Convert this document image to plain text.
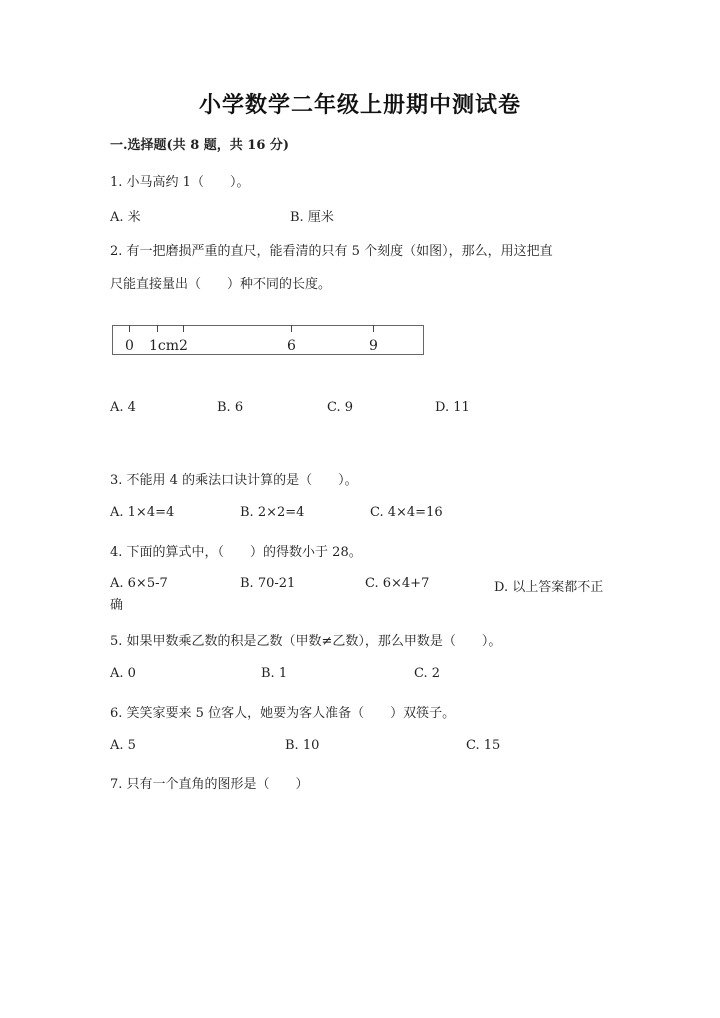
小学数学二年级上册期中测试卷
一.选择题(共 8 题，共 16 分)
1. 小马高约 1（　　）。
A. 米	B. 厘米
2. 有一把磨损严重的直尺，能看清的只有 5 个刻度（如图），那么，用这把直
尺能直接量出（　　）种不同的长度。
0 1cm 2	6	9
A. 4	B. 6	C. 9	D. 11
3. 不能用 4 的乘法口诀计算的是（　　）。
A. 1×4=4	B. 2×2=4	C. 4×4=16
4. 下面的算式中，（　　）的得数小于 28。
A. 6×5-7	B. 70-21	C. 6×4+7	D. 以上答案都不正
确
5. 如果甲数乘乙数的积是乙数（甲数≠乙数），那么甲数是（　　）。
A. 0	B. 1	C. 2
6. 笑笑家要来 5 位客人，她要为客人准备（　　）双筷子。
A. 5	B. 10	C. 15
7. 只有一个直角的图形是（　　）
